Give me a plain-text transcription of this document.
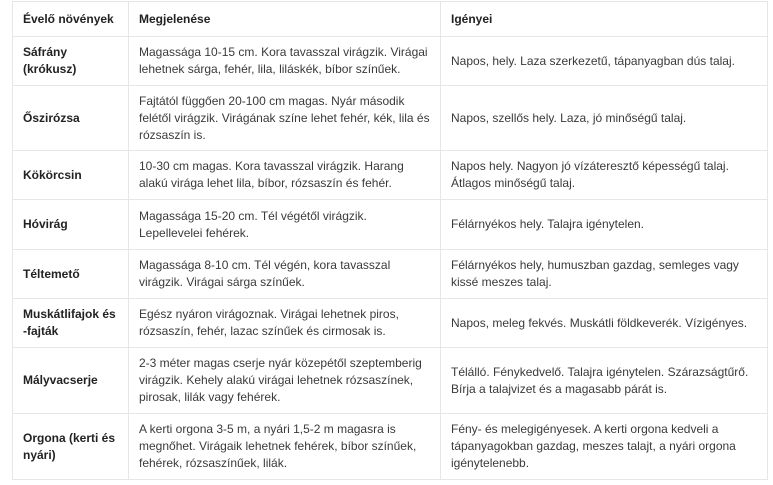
Évelő növények	Megjelenése	Igényei
Sáfrány (krókusz)	Magassága 10-15 cm. Kora tavasszal virágzik. Virágai lehetnek sárga, fehér, lila, liláskék, bíbor színűek.	Napos, hely. Laza szerkezetű, tápanyagban dús talaj.
Őszirózsa	Fajtától függően 20-100 cm magas. Nyár második felétől virágzik. Virágának színe lehet fehér, kék, lila és rózsaszín is.	Napos, szellős hely. Laza, jó minőségű talaj.
Kökörcsin	10-30 cm magas. Kora tavasszal virágzik. Harang alakú virága lehet lila, bíbor, rózsaszín és fehér.	Napos hely. Nagyon jó vízáteresztő képességű talaj. Átlagos minőségű talaj.
Hóvirág	Magassága 15-20 cm. Tél végétől virágzik. Lepellevelei fehérek.	Félárnyékos hely. Talajra igénytelen.
Téltemető	Magassága 8-10 cm. Tél végén, kora tavasszal virágzik. Virágai sárga színűek.	Félárnyékos hely, humuszban gazdag, semleges vagy kissé meszes talaj.
Muskátlifajok és -fajták	Egész nyáron virágoznak. Virágai lehetnek piros, rózsaszín, fehér, lazac színűek és cirmosak is.	Napos, meleg fekvés. Muskátli földkeverék. Vízigényes.
Mályvacserje	2-3 méter magas cserje nyár közepétől szeptemberig virágzik. Kehely alakú virágai lehetnek rózsaszínek, pirosak, lilák vagy fehérek.	Télálló. Fénykedvelő. Talajra igénytelen. Szárazságtűrő. Bírja a talajvizet és a magasabb párát is.
Orgona (kerti és nyári)	A kerti orgona 3-5 m, a nyári 1,5-2 m magasra is megnőhet. Virágaik lehetnek fehérek, bíbor színűek, fehérek, rózsaszínűek, lilák.	Fény- és melegigényesek. A kerti orgona kedveli a tápanyagokban gazdag, meszes talajt, a nyári orgona igénytelenebb.
